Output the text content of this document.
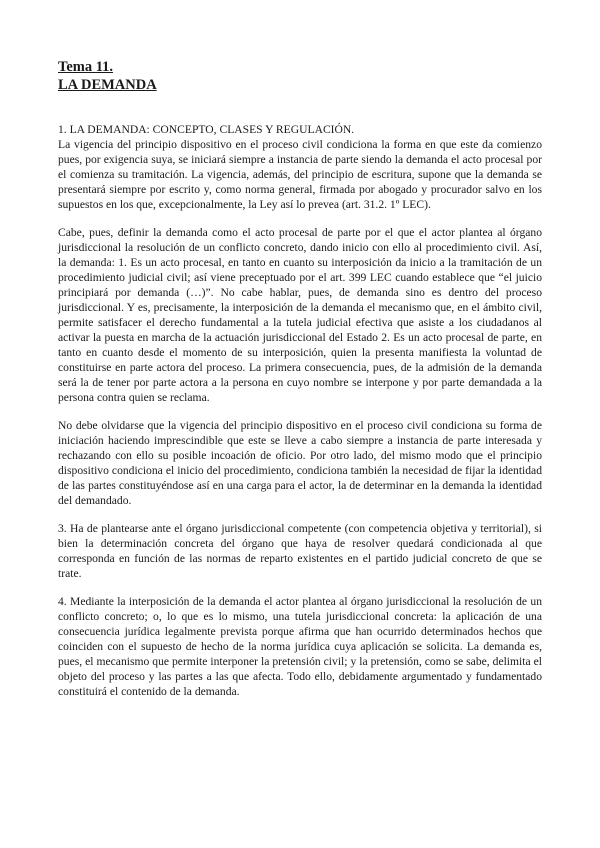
Tema 11.
LA DEMANDA
1. LA DEMANDA: CONCEPTO, CLASES Y REGULACIÓN.

La vigencia del principio dispositivo en el proceso civil condiciona la forma en que este da comienzo pues, por exigencia suya, se iniciará siempre a instancia de parte siendo la demanda el acto procesal por el comienza su tramitación. La vigencia, además, del principio de escritura, supone que la demanda se presentará siempre por escrito y, como norma general, firmada por abogado y procurador salvo en los supuestos en los que, excepcionalmente, la Ley así lo prevea (art. 31.2. 1º LEC).

Cabe, pues, definir la demanda como el acto procesal de parte por el que el actor plantea al órgano jurisdiccional la resolución de un conflicto concreto, dando inicio con ello al procedimiento civil. Así, la demanda: 1. Es un acto procesal, en tanto en cuanto su interposición da inicio a la tramitación de un procedimiento judicial civil; así viene preceptuado por el art. 399 LEC cuando establece que “el juicio principiará por demanda (…)”. No cabe hablar, pues, de demanda sino es dentro del proceso jurisdiccional. Y es, precisamente, la interposición de la demanda el mecanismo que, en el ámbito civil, permite satisfacer el derecho fundamental a la tutela judicial efectiva que asiste a los ciudadanos al activar la puesta en marcha de la actuación jurisdiccional del Estado 2. Es un acto procesal de parte, en tanto en cuanto desde el momento de su interposición, quien la presenta manifiesta la voluntad de constituirse en parte actora del proceso. La primera consecuencia, pues, de la admisión de la demanda será la de tener por parte actora a la persona en cuyo nombre se interpone y por parte demandada a la persona contra quien se reclama.

No debe olvidarse que la vigencia del principio dispositivo en el proceso civil condiciona su forma de iniciación haciendo imprescindible que este se lleve a cabo siempre a instancia de parte interesada y rechazando con ello su posible incoación de oficio. Por otro lado, del mismo modo que el principio dispositivo condiciona el inicio del procedimiento, condiciona también la necesidad de fijar la identidad de las partes constituyéndose así en una carga para el actor, la de determinar en la demanda la identidad del demandado.

3. Ha de plantearse ante el órgano jurisdiccional competente (con competencia objetiva y territorial), si bien la determinación concreta del órgano que haya de resolver quedará condicionada al que corresponda en función de las normas de reparto existentes en el partido judicial concreto de que se trate.

4. Mediante la interposición de la demanda el actor plantea al órgano jurisdiccional la resolución de un conflicto concreto; o, lo que es lo mismo, una tutela jurisdiccional concreta: la aplicación de una consecuencia jurídica legalmente prevista porque afirma que han ocurrido determinados hechos que coinciden con el supuesto de hecho de la norma jurídica cuya aplicación se solicita. La demanda es, pues, el mecanismo que permite interponer la pretensión civil; y la pretensión, como se sabe, delimita el objeto del proceso y las partes a las que afecta. Todo ello, debidamente argumentado y fundamentado constituirá el contenido de la demanda.
